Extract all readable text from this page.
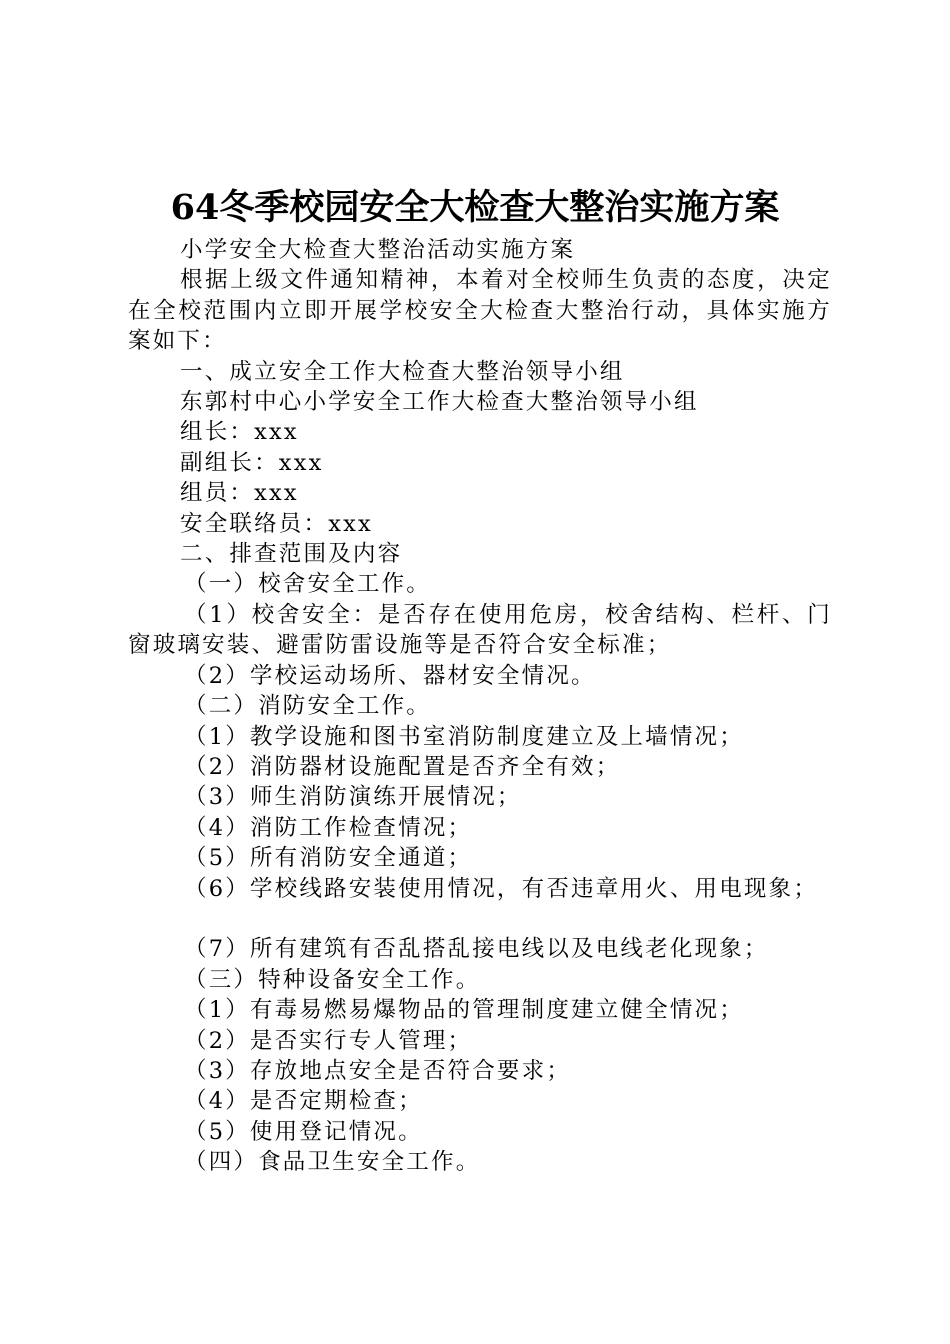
64冬季校园安全大检查大整治实施方案

小学安全大检查大整治活动实施方案

根据上级文件通知精神，本着对全校师生负责的态度，决定在全校范围内立即开展学校安全大检查大整治行动，具体实施方案如下：

一、成立安全工作大检查大整治领导小组

东郭村中心小学安全工作大检查大整治领导小组

组长：xxx

副组长：xxx

组员：xxx

安全联络员：xxx

二、排查范围及内容

（一）校舍安全工作。

（1）校舍安全：是否存在使用危房，校舍结构、栏杆、门窗玻璃安装、避雷防雷设施等是否符合安全标准；

（2）学校运动场所、器材安全情况。

（二）消防安全工作。

（1）教学设施和图书室消防制度建立及上墙情况；

（2）消防器材设施配置是否齐全有效；

（3）师生消防演练开展情况；

（4）消防工作检查情况；

（5）所有消防安全通道；

（6）学校线路安装使用情况，有否违章用火、用电现象；

（7）所有建筑有否乱搭乱接电线以及电线老化现象；

（三）特种设备安全工作。

（1）有毒易燃易爆物品的管理制度建立健全情况；

（2）是否实行专人管理；

（3）存放地点安全是否符合要求；

（4）是否定期检查；

（5）使用登记情况。

（四）食品卫生安全工作。
